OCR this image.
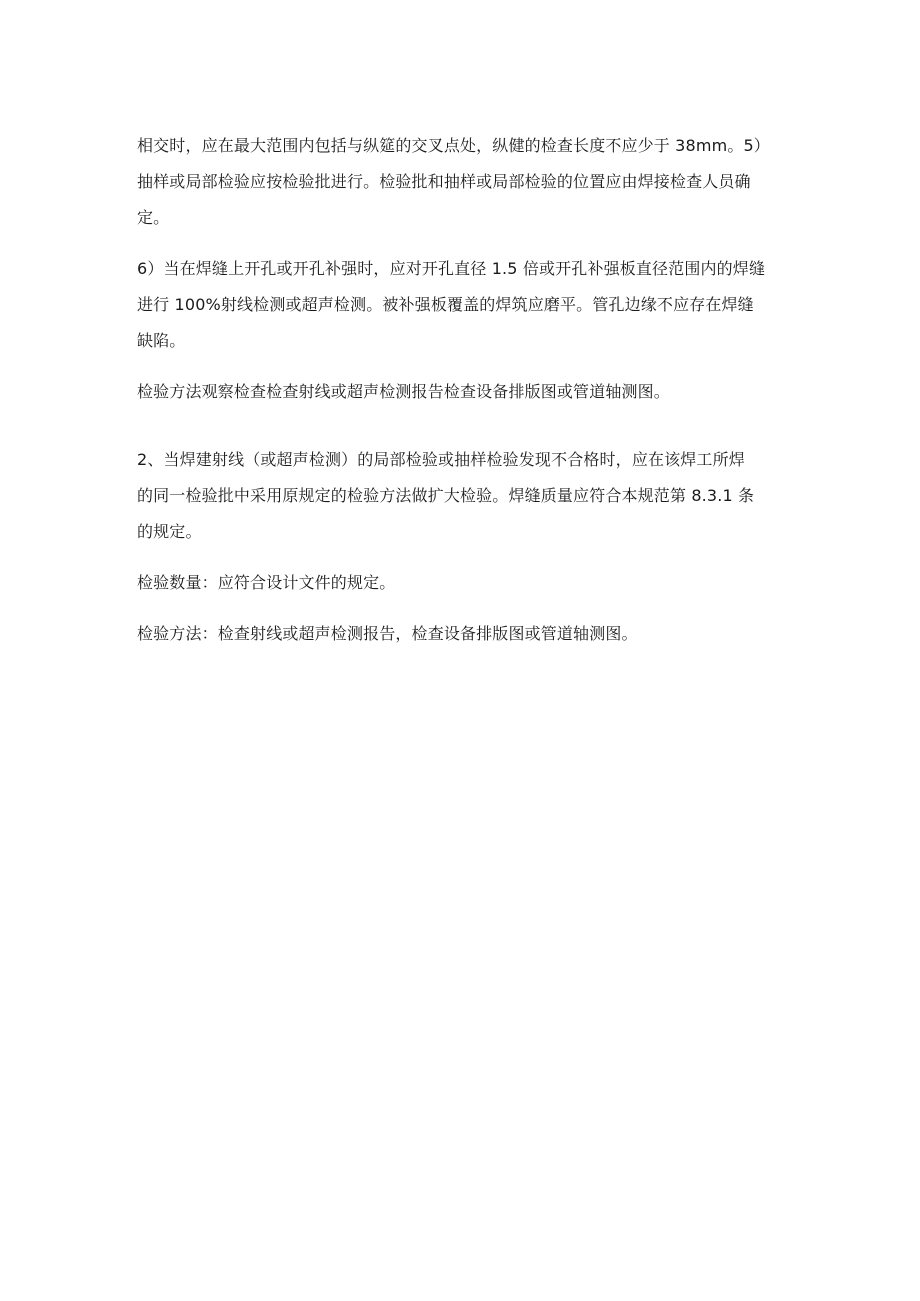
相交时，应在最大范围内包括与纵筵的交叉点处，纵健的检查长度不应少于 38mm。5）
抽样或局部检验应按检验批进行。检验批和抽样或局部检验的位置应由焊接检查人员确
定。

6）当在焊缝上开孔或开孔补强时，应对开孔直径 1.5 倍或开孔补强板直径范围内的焊缝
进行 100%射线检测或超声检测。被补强板覆盖的焊筑应磨平。管孔边缘不应存在焊缝
缺陷。

检验方法观察检查检查射线或超声检测报告检查设备排版图或管道轴测图。

2、当焊建射线（或超声检测）的局部检验或抽样检验发现不合格时，应在该焊工所焊
的同一检验批中采用原规定的检验方法做扩大检验。焊缝质量应符合本规范第 8.3.1 条
的规定。

检验数量：应符合设计文件的规定。

检验方法：检查射线或超声检测报告，检查设备排版图或管道轴测图。
